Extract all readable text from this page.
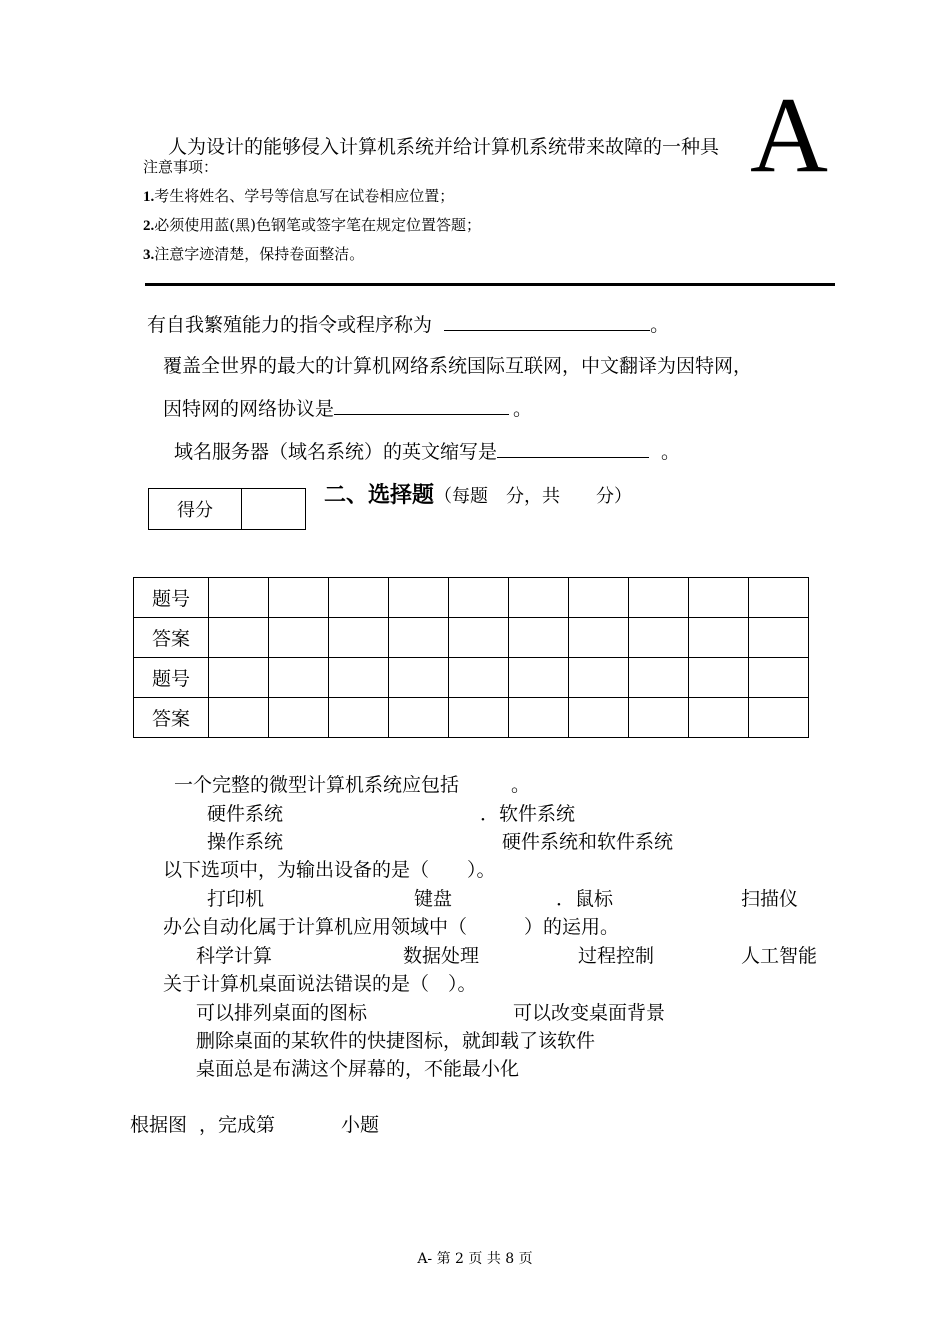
A
人为设计的能够侵入计算机系统并给计算机系统带来故障的一种具
注意事项：
1.考生将姓名、学号等信息写在试卷相应位置；
2.必须使用蓝(黑)色钢笔或签字笔在规定位置答题；
3.注意字迹清楚，保持卷面整洁。
有自我繁殖能力的指令或程序称为	。
覆盖全世界的最大的计算机网络系统国际互联网，中文翻译为因特网，
因特网的网络协议是	。
域名服务器（域名系统）的英文缩写是	。
得分
二、选择题（每题　分，共　　分）
题号										
答案										
题号										
答案										
一个完整的微型计算机系统应包括	。
硬件系统	．软件系统
操作系统	硬件系统和软件系统
以下选项中，为输出设备的是（　　）。
打印机	键盘	．鼠标	扫描仪
办公自动化属于计算机应用领域中（　　　）的运用。
科学计算	数据处理	过程控制	人工智能
关于计算机桌面说法错误的是（　）。
可以排列桌面的图标	可以改变桌面背景
删除桌面的某软件的快捷图标，就卸载了该软件
桌面总是布满这个屏幕的，不能最小化
根据图 ，完成第	小题
A- 第 2 页 共 8 页
